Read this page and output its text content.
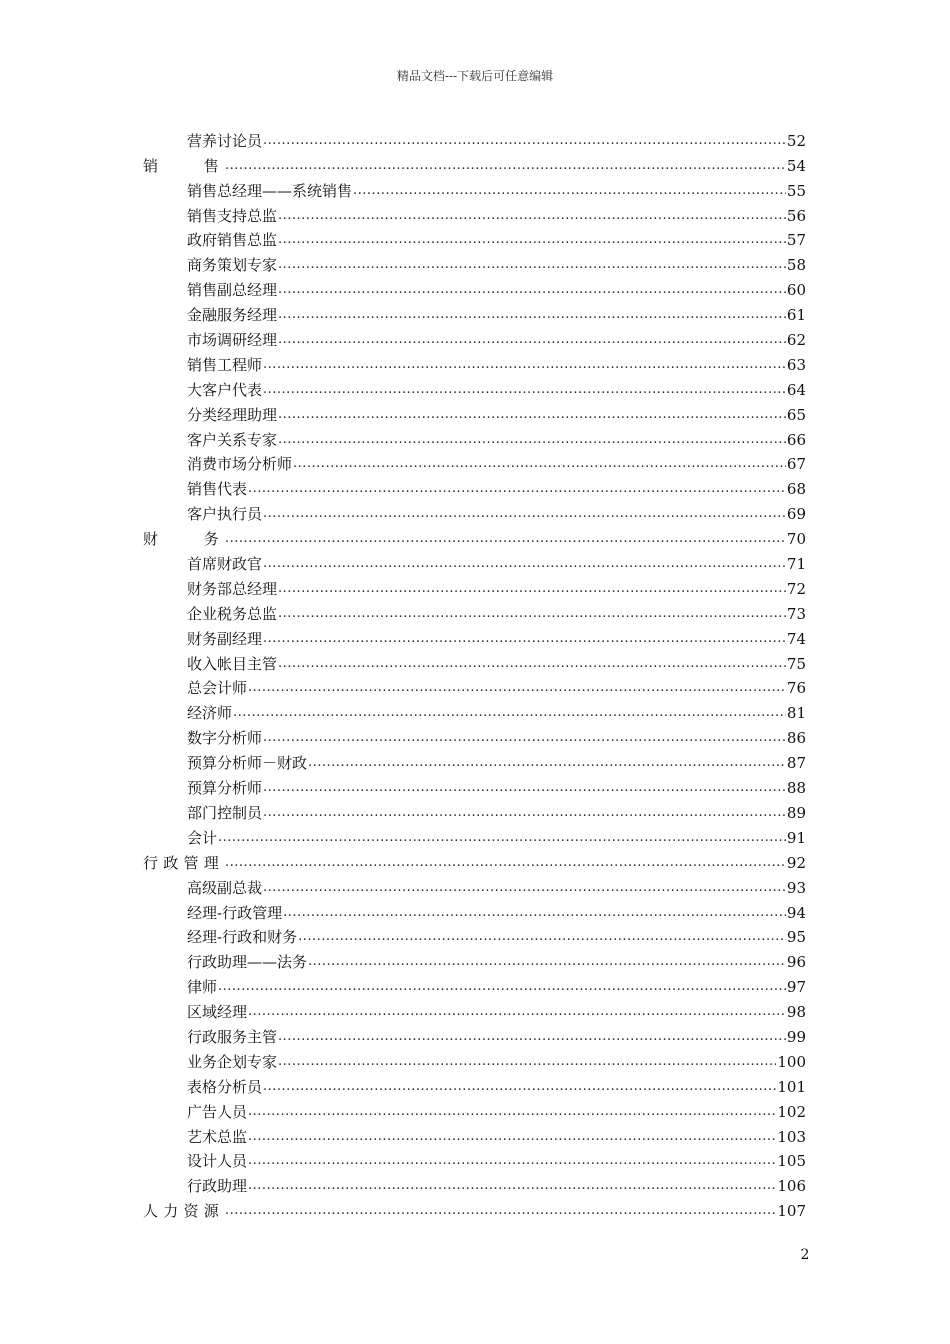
精品文档---下载后可任意编辑
营养讨论员 .....	52
销　　售 .....	54
销售总经理——系统销售 .....	55
销售支持总监 .....	56
政府销售总监 .....	57
商务策划专家 .....	58
销售副总经理 .....	60
金融服务经理 .....	61
市场调研经理 .....	62
销售工程师 .....	63
大客户代表 .....	64
分类经理助理 .....	65
客户关系专家 .....	66
消费市场分析师 .....	67
销售代表 .....	68
客户执行员 .....	69
财　　务 .....	70
首席财政官 .....	71
财务部总经理 .....	72
企业税务总监 .....	73
财务副经理 .....	74
收入帐目主管 .....	75
总会计师 .....	76
经济师 .....	81
数字分析师 .....	86
预算分析师－财政 .....	87
预算分析师 .....	88
部门控制员 .....	89
会计 .....	91
行政管理 .....	92
高级副总裁 .....	93
经理-行政管理 .....	94
经理-行政和财务 .....	95
行政助理——法务 .....	96
律师 .....	97
区域经理 .....	98
行政服务主管 .....	99
业务企划专家 .....	100
表格分析员 .....	101
广告人员 .....	102
艺术总监 .....	103
设计人员 .....	105
行政助理 .....	106
人力资源 .....	107
2
